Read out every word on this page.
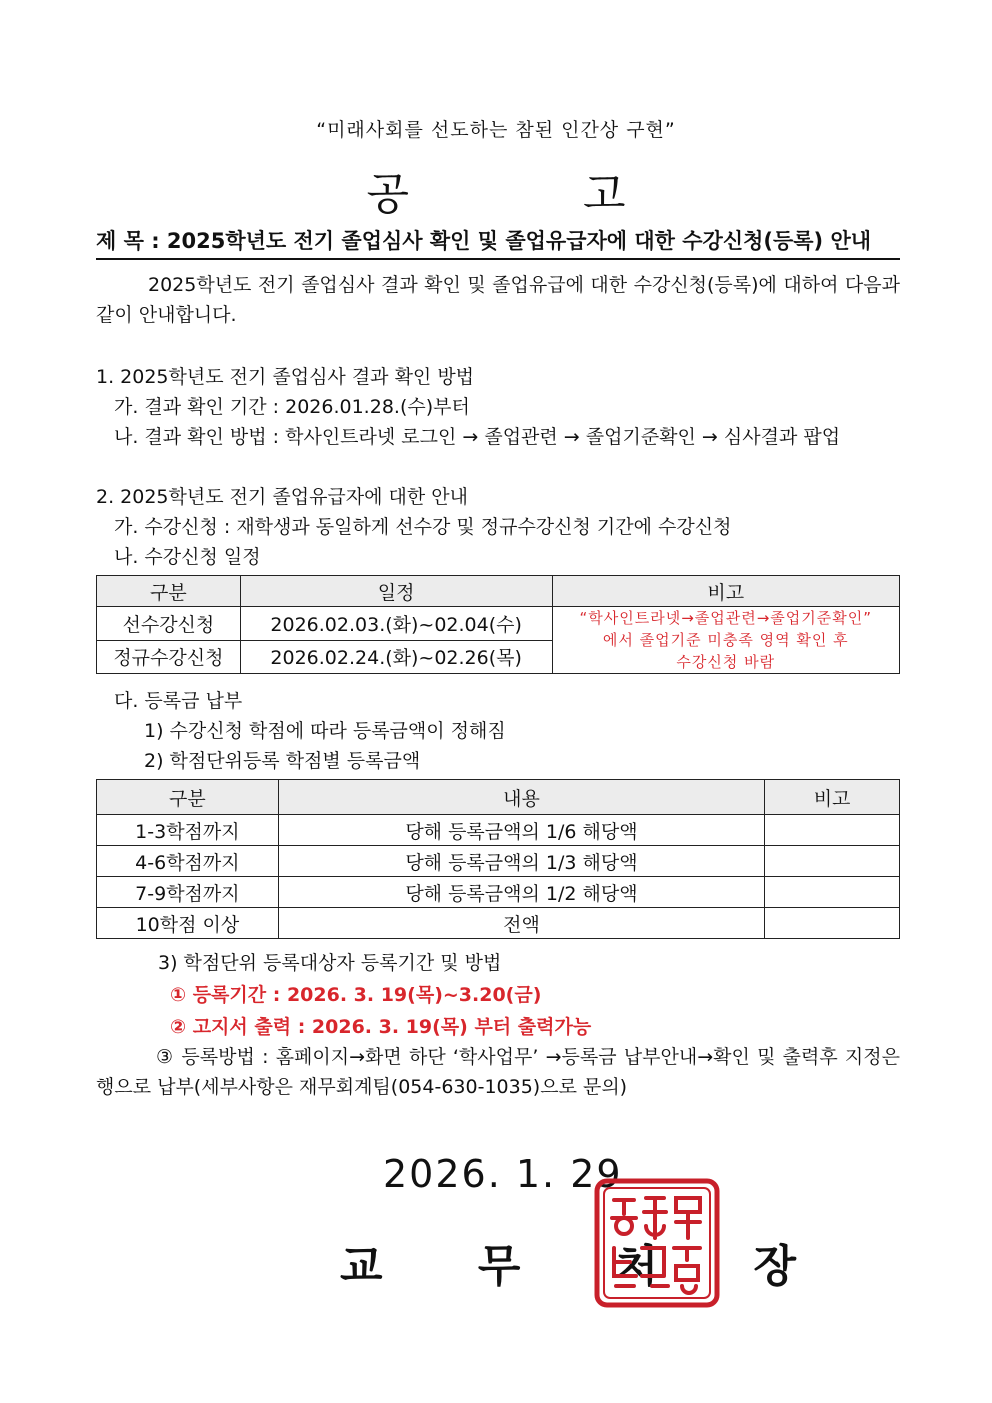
“미래사회를 선도하는 참된 인간상 구현”
공 고
제 목 : 2025학년도 전기 졸업심사 확인 및 졸업유급자에 대한 수강신청(등록) 안내
2025학년도 전기 졸업심사 결과 확인 및 졸업유급에 대한 수강신청(등록)에 대하여 다음과 같이 안내합니다.
1. 2025학년도 전기 졸업심사 결과 확인 방법
가. 결과 확인 기간 : 2026.01.28.(수)부터
나. 결과 확인 방법 : 학사인트라넷 로그인 → 졸업관련 → 졸업기준확인 → 심사결과 팝업
2. 2025학년도 전기 졸업유급자에 대한 안내
가. 수강신청 : 재학생과 동일하게 선수강 및 정규수강신청 기간에 수강신청
나. 수강신청 일정
구분	일정	비고
선수강신청	2026.02.03.(화)~02.04(수)	“학사인트라넷→졸업관련→졸업기준확인”
에서 졸업기준 미충족 영역 확인 후
수강신청 바람

정규수강신청	2026.02.24.(화)~02.26(목)	
다. 등록금 납부
1) 수강신청 학점에 따라 등록금액이 정해짐
2) 학점단위등록 학점별 등록금액
구분	내용	비고
1-3학점까지	당해 등록금액의 1/6 해당액	
4-6학점까지	당해 등록금액의 1/3 해당액	
7-9학점까지	당해 등록금액의 1/2 해당액	
10학점 이상	전액	
3) 학점단위 등록대상자 등록기간 및 방법
① 등록기간 : 2026. 3. 19(목)~3.20(금)
② 고지서 출력 : 2026. 3. 19(목) 부터 출력가능
③ 등록방법 : 홈페이지→화면 하단 ‘학사업무’ →등록금 납부안내→확인 및 출력후 지정은행으로 납부(세부사항은 재무회계팀(054-630-1035)으로 문의)
2026. 1. 29
교 무 처 장
